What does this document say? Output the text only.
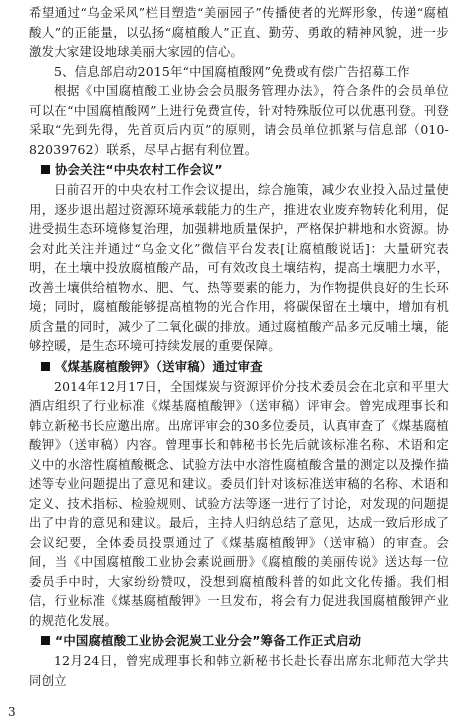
希望通过“乌金采风”栏目塑造“美丽园子”传播使者的光辉形象，传递“腐植酸人”的正能量，以弘扬“腐植酸人”正直、勤劳、勇敢的精神风貌，进一步激发大家建设地球美丽大家园的信心。

5、信息部启动2015年“中国腐植酸网”免费或有偿广告招募工作

根据《中国腐植酸工业协会会员服务管理办法》，符合条件的会员单位可以在“中国腐植酸网”上进行免费宣传，针对特殊版位可以优惠刊登。刊登采取“先到先得，先首页后内页”的原则，请会员单位抓紧与信息部（010-82039762）联系，尽早占据有利位置。

协会关注“中央农村工作会议”

日前召开的中央农村工作会议提出，综合施策，减少农业投入品过量使用，逐步退出超过资源环境承载能力的生产，推进农业废弃物转化利用，促进受损生态环境修复治理，加强耕地质量保护，严格保护耕地和水资源。协会对此关注并通过“乌金文化”微信平台发表[让腐植酸说话]：大量研究表明，在土壤中投放腐植酸产品，可有效改良土壤结构，提高土壤肥力水平，改善土壤供给植物水、肥、气、热等要素的能力，为作物提供良好的生长环境；同时，腐植酸能够提高植物的光合作用，将碳保留在土壤中，增加有机质含量的同时，减少了二氧化碳的排放。通过腐植酸产品多元反哺土壤，能够控暖，是生态环境可持续发展的重要保障。

《煤基腐植酸钾》（送审稿）通过审查

2014年12月17日，全国煤炭与资源评价分技术委员会在北京和平里大酒店组织了行业标准《煤基腐植酸钾》（送审稿）评审会。曾宪成理事长和韩立新秘书长应邀出席。出席评审会的30多位委员，认真审查了《煤基腐植酸钾》（送审稿）内容。曾理事长和韩秘书长先后就该标准名称、术语和定义中的水溶性腐植酸概念、试验方法中水溶性腐植酸含量的测定以及操作描述等专业问题提出了意见和建议。委员们针对该标准送审稿的名称、术语和定义、技术指标、检验规则、试验方法等逐一进行了讨论，对发现的问题提出了中肯的意见和建议。最后，主持人归纳总结了意见，达成一致后形成了会议纪要，全体委员投票通过了《煤基腐植酸钾》（送审稿）的审查。会间，当《中国腐植酸工业协会素说画册》《腐植酸的美丽传说》送达每一位委员手中时，大家纷纷赞叹，没想到腐植酸科普的如此文化传播。我们相信，行业标准《煤基腐植酸钾》一旦发布，将会有力促进我国腐植酸钾产业的规范化发展。

“中国腐植酸工业协会泥炭工业分会”筹备工作正式启动

12月24日，曾宪成理事长和韩立新秘书长赴长春出席东北师范大学共同创立

3
